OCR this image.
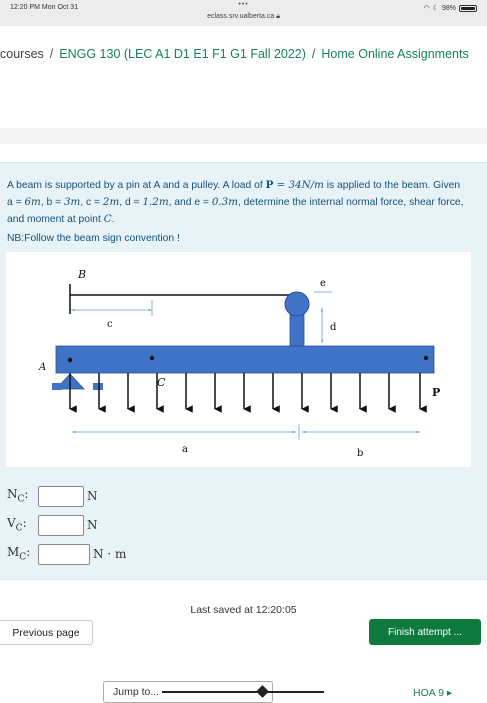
12:20 PM Mon Oct 31	•••
eclass.srv.ualberta.ca 🔒︎
◠ ☾ 98%
courses / ENGG 130 (LEC A1 D1 E1 F1 G1 Fall 2022) / Home Online Assignments
A beam is supported by a pin at A and a pulley. A load of P = 34N/m is applied to the beam. Given a = 6m, b = 3m, c = 2m, d = 1.2m, and e = 0.3m, determine the internal normal force, shear force, and moment at point C.
NB:Follow the beam sign convention !
B
e
c	d
A
C
P
a	b
$N_C$:	N
$V_C$:	N
$M_C$:	N · m
Last saved at 12:20:05
Previous page	Finish attempt ...
Jump to...	HOA 9 ▸
